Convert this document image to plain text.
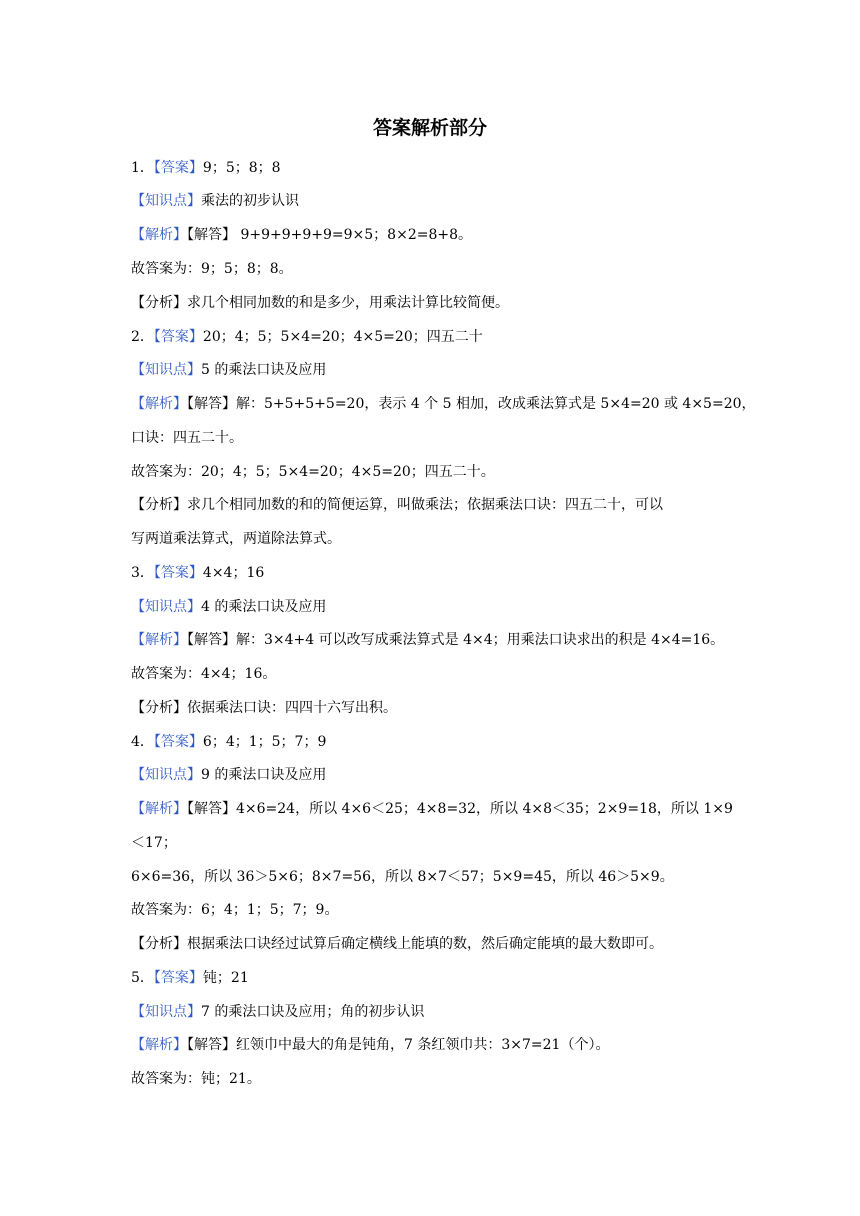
答案解析部分
1．【答案】9；5；8；8
【知识点】乘法的初步认识
【解析】【解答】 9+9+9+9+9=9×5；8×2=8+8。
故答案为：9；5；8；8。
【分析】求几个相同加数的和是多少，用乘法计算比较简便。
2．【答案】20；4；5；5×4=20；4×5=20；四五二十
【知识点】5 的乘法口诀及应用
【解析】【解答】解：5+5+5+5=20，表示 4 个 5 相加，改成乘法算式是 5×4=20 或 4×5=20，
口诀：四五二十。
故答案为：20；4；5；5×4=20；4×5=20；四五二十。
【分析】求几个相同加数的和的简便运算，叫做乘法；依据乘法口诀：四五二十，可以
写两道乘法算式，两道除法算式。
3．【答案】4×4；16
【知识点】4 的乘法口诀及应用
【解析】【解答】解：3×4+4 可以改写成乘法算式是 4×4；用乘法口诀求出的积是 4×4=16。
故答案为：4×4；16。
【分析】依据乘法口诀：四四十六写出积。
4．【答案】6；4；1；5；7；9
【知识点】9 的乘法口诀及应用
【解析】【解答】4×6=24，所以 4×6＜25；4×8=32，所以 4×8＜35；2×9=18，所以 1×9
＜17；
6×6=36，所以 36＞5×6；8×7=56，所以 8×7＜57；5×9=45，所以 46＞5×9。
故答案为：6；4；1；5；7；9。
【分析】根据乘法口诀经过试算后确定横线上能填的数，然后确定能填的最大数即可。
5．【答案】钝；21
【知识点】7 的乘法口诀及应用；角的初步认识
【解析】【解答】红领巾中最大的角是钝角，7 条红领巾共：3×7=21（个）。
故答案为：钝；21。
